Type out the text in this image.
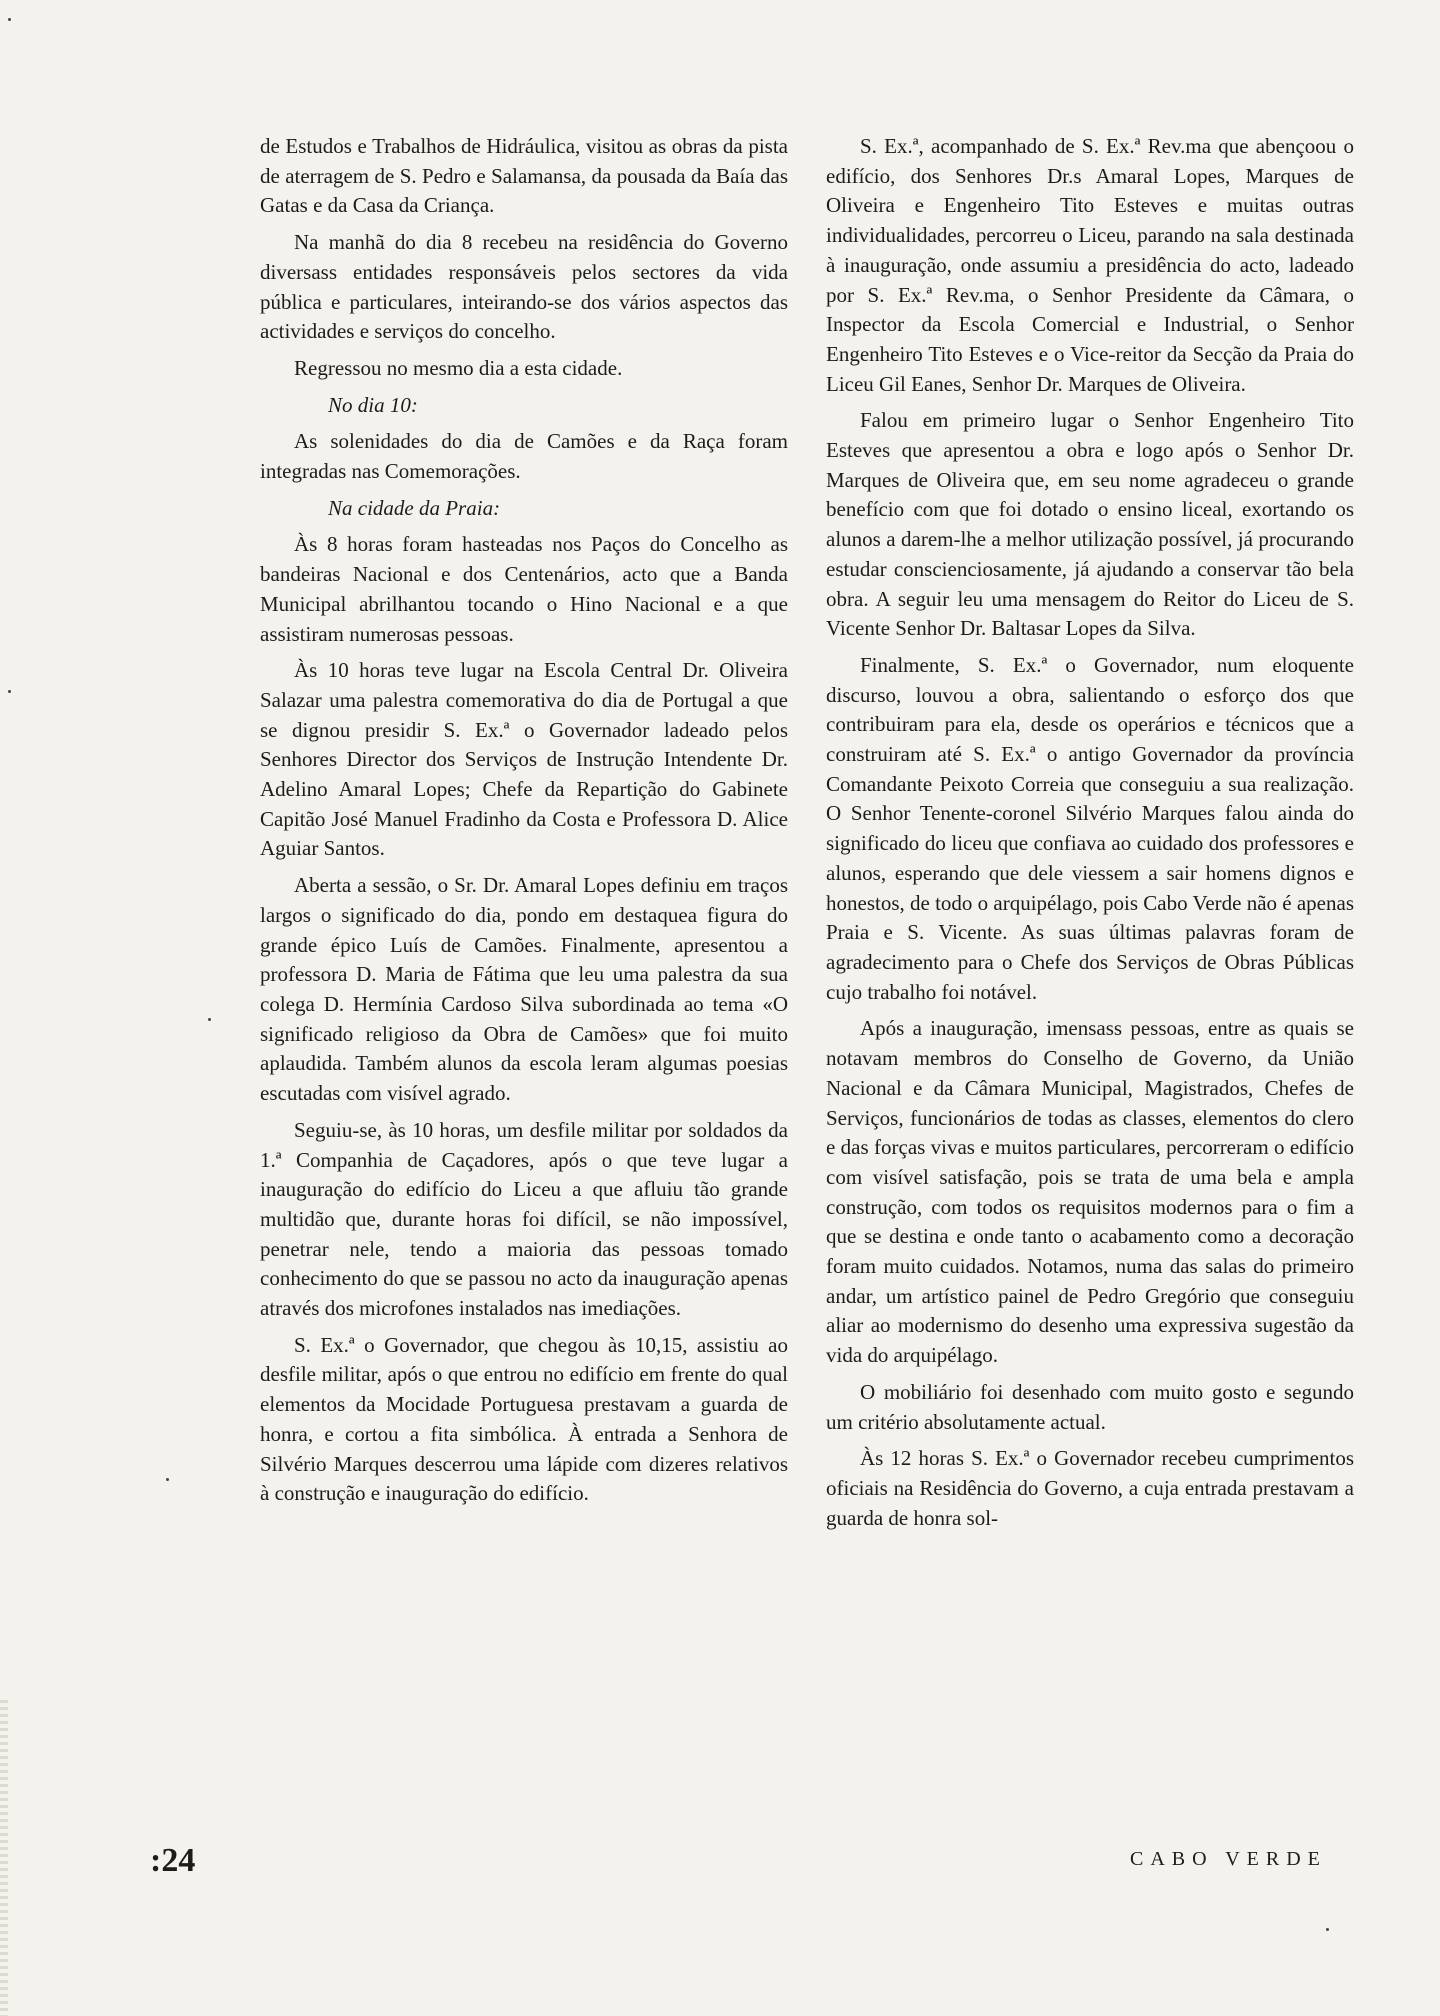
de Estudos e Trabalhos de Hidráulica, visitou as obras da pista de aterragem de S. Pedro e Salamansa, da pousada da Baía das Gatas e da Casa da Criança.

Na manhã do dia 8 recebeu na residência do Governo diversass entidades responsáveis pelos sectores da vida pública e particulares, inteirando-se dos vários aspectos das actividades e serviços do concelho.

Regressou no mesmo dia a esta cidade.

No dia 10:

As solenidades do dia de Camões e da Raça foram integradas nas Comemorações.

Na cidade da Praia:

Às 8 horas foram hasteadas nos Paços do Concelho as bandeiras Nacional e dos Centenários, acto que a Banda Municipal abrilhantou tocando o Hino Nacional e a que assistiram numerosas pessoas.

Às 10 horas teve lugar na Escola Central Dr. Oliveira Salazar uma palestra comemorativa do dia de Portugal a que se dignou presidir S. Ex.ª o Governador ladeado pelos Senhores Director dos Serviços de Instrução Intendente Dr. Adelino Amaral Lopes; Chefe da Repartição do Gabinete Capitão José Manuel Fradinho da Costa e Professora D. Alice Aguiar Santos.

Aberta a sessão, o Sr. Dr. Amaral Lopes definiu em traços largos o significado do dia, pondo em destaquea figura do grande épico Luís de Camões. Finalmente, apresentou a professora D. Maria de Fátima que leu uma palestra da sua colega D. Hermínia Cardoso Silva subordinada ao tema «O significado religioso da Obra de Camões» que foi muito aplaudida. Também alunos da escola leram algumas poesias escutadas com visível agrado.

Seguiu-se, às 10 horas, um desfile militar por soldados da 1.ª Companhia de Caçadores, após o que teve lugar a inauguração do edifício do Liceu a que afluiu tão grande multidão que, durante horas foi difícil, se não impossível, penetrar nele, tendo a maioria das pessoas tomado conhecimento do que se passou no acto da inauguração apenas através dos microfones instalados nas imediações.

S. Ex.ª o Governador, que chegou às 10,15, assistiu ao desfile militar, após o que entrou no edifício em frente do qual elementos da Mocidade Portuguesa prestavam a guarda de honra, e cortou a fita simbólica. À entrada a Senhora de Silvério Marques descerrou uma lápide com dizeres relativos à construção e inauguração do edifício.

S. Ex.ª, acompanhado de S. Ex.ª Rev.ma que abençoou o edifício, dos Senhores Dr.s Amaral Lopes, Marques de Oliveira e Engenheiro Tito Esteves e muitas outras individualidades, percorreu o Liceu, parando na sala destinada à inauguração, onde assumiu a presidência do acto, ladeado por S. Ex.ª Rev.ma, o Senhor Presidente da Câmara, o Inspector da Escola Comercial e Industrial, o Senhor Engenheiro Tito Esteves e o Vice-reitor da Secção da Praia do Liceu Gil Eanes, Senhor Dr. Marques de Oliveira.

Falou em primeiro lugar o Senhor Engenheiro Tito Esteves que apresentou a obra e logo após o Senhor Dr. Marques de Oliveira que, em seu nome agradeceu o grande benefício com que foi dotado o ensino liceal, exortando os alunos a darem-lhe a melhor utilização possível, já procurando estudar conscienciosamente, já ajudando a conservar tão bela obra. A seguir leu uma mensagem do Reitor do Liceu de S. Vicente Senhor Dr. Baltasar Lopes da Silva.

Finalmente, S. Ex.ª o Governador, num eloquente discurso, louvou a obra, salientando o esforço dos que contribuiram para ela, desde os operários e técnicos que a construiram até S. Ex.ª o antigo Governador da província Comandante Peixoto Correia que conseguiu a sua realização. O Senhor Tenente-coronel Silvério Marques falou ainda do significado do liceu que confiava ao cuidado dos professores e alunos, esperando que dele viessem a sair homens dignos e honestos, de todo o arquipélago, pois Cabo Verde não é apenas Praia e S. Vicente. As suas últimas palavras foram de agradecimento para o Chefe dos Serviços de Obras Públicas cujo trabalho foi notável.

Após a inauguração, imensass pessoas, entre as quais se notavam membros do Conselho de Governo, da União Nacional e da Câmara Municipal, Magistrados, Chefes de Serviços, funcionários de todas as classes, elementos do clero e das forças vivas e muitos particulares, percorreram o edifício com visível satisfação, pois se trata de uma bela e ampla construção, com todos os requisitos modernos para o fim a que se destina e onde tanto o acabamento como a decoração foram muito cuidados. Notamos, numa das salas do primeiro andar, um artístico painel de Pedro Gregório que conseguiu aliar ao modernismo do desenho uma expressiva sugestão da vida do arquipélago.

O mobiliário foi desenhado com muito gosto e segundo um critério absolutamente actual.

Às 12 horas S. Ex.ª o Governador recebeu cumprimentos oficiais na Residência do Governo, a cuja entrada prestavam a guarda de honra sol-

:24	CABO VERDE
